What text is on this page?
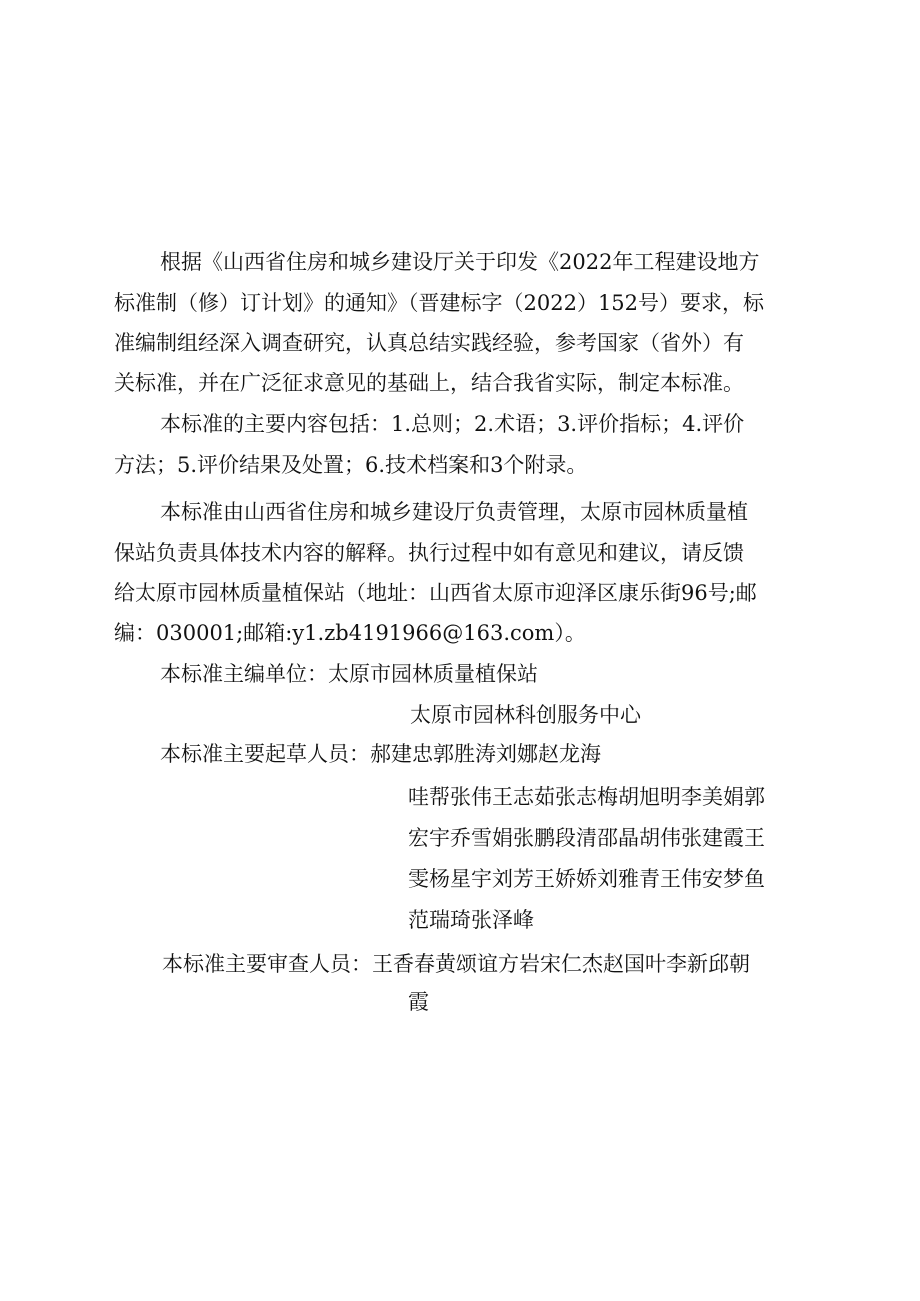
根据《山西省住房和城乡建设厅关于印发《2022年工程建设地方
标准制（修）订计划》的通知》（晋建标字（2022）152号）要求，标
准编制组经深入调查研究，认真总结实践经验，参考国家（省外）有
关标准，并在广泛征求意见的基础上，结合我省实际，制定本标准。
本标准的主要内容包括：1.总则；2.术语；3.评价指标；4.评价
方法；5.评价结果及处置；6.技术档案和3个附录。
本标准由山西省住房和城乡建设厅负责管理，太原市园林质量植
保站负责具体技术内容的解释。执行过程中如有意见和建议，请反馈
给太原市园林质量植保站（地址：山西省太原市迎泽区康乐街96号;邮
编：030001;邮箱:y1.zb4191966@163.com）。
本标准主编单位：太原市园林质量植保站
太原市园林科创服务中心
本标准主要起草人员：郝建忠郭胜涛刘娜赵龙海
哇帮张伟王志茹张志梅胡旭明李美娟郭
宏宇乔雪娟张鹏段清邵晶胡伟张建霞王
雯杨星宇刘芳王娇娇刘雅青王伟安梦鱼
范瑞琦张泽峰
本标准主要审查人员：王香春黄颂谊方岩宋仁杰赵国叶李新邱朝
霞
